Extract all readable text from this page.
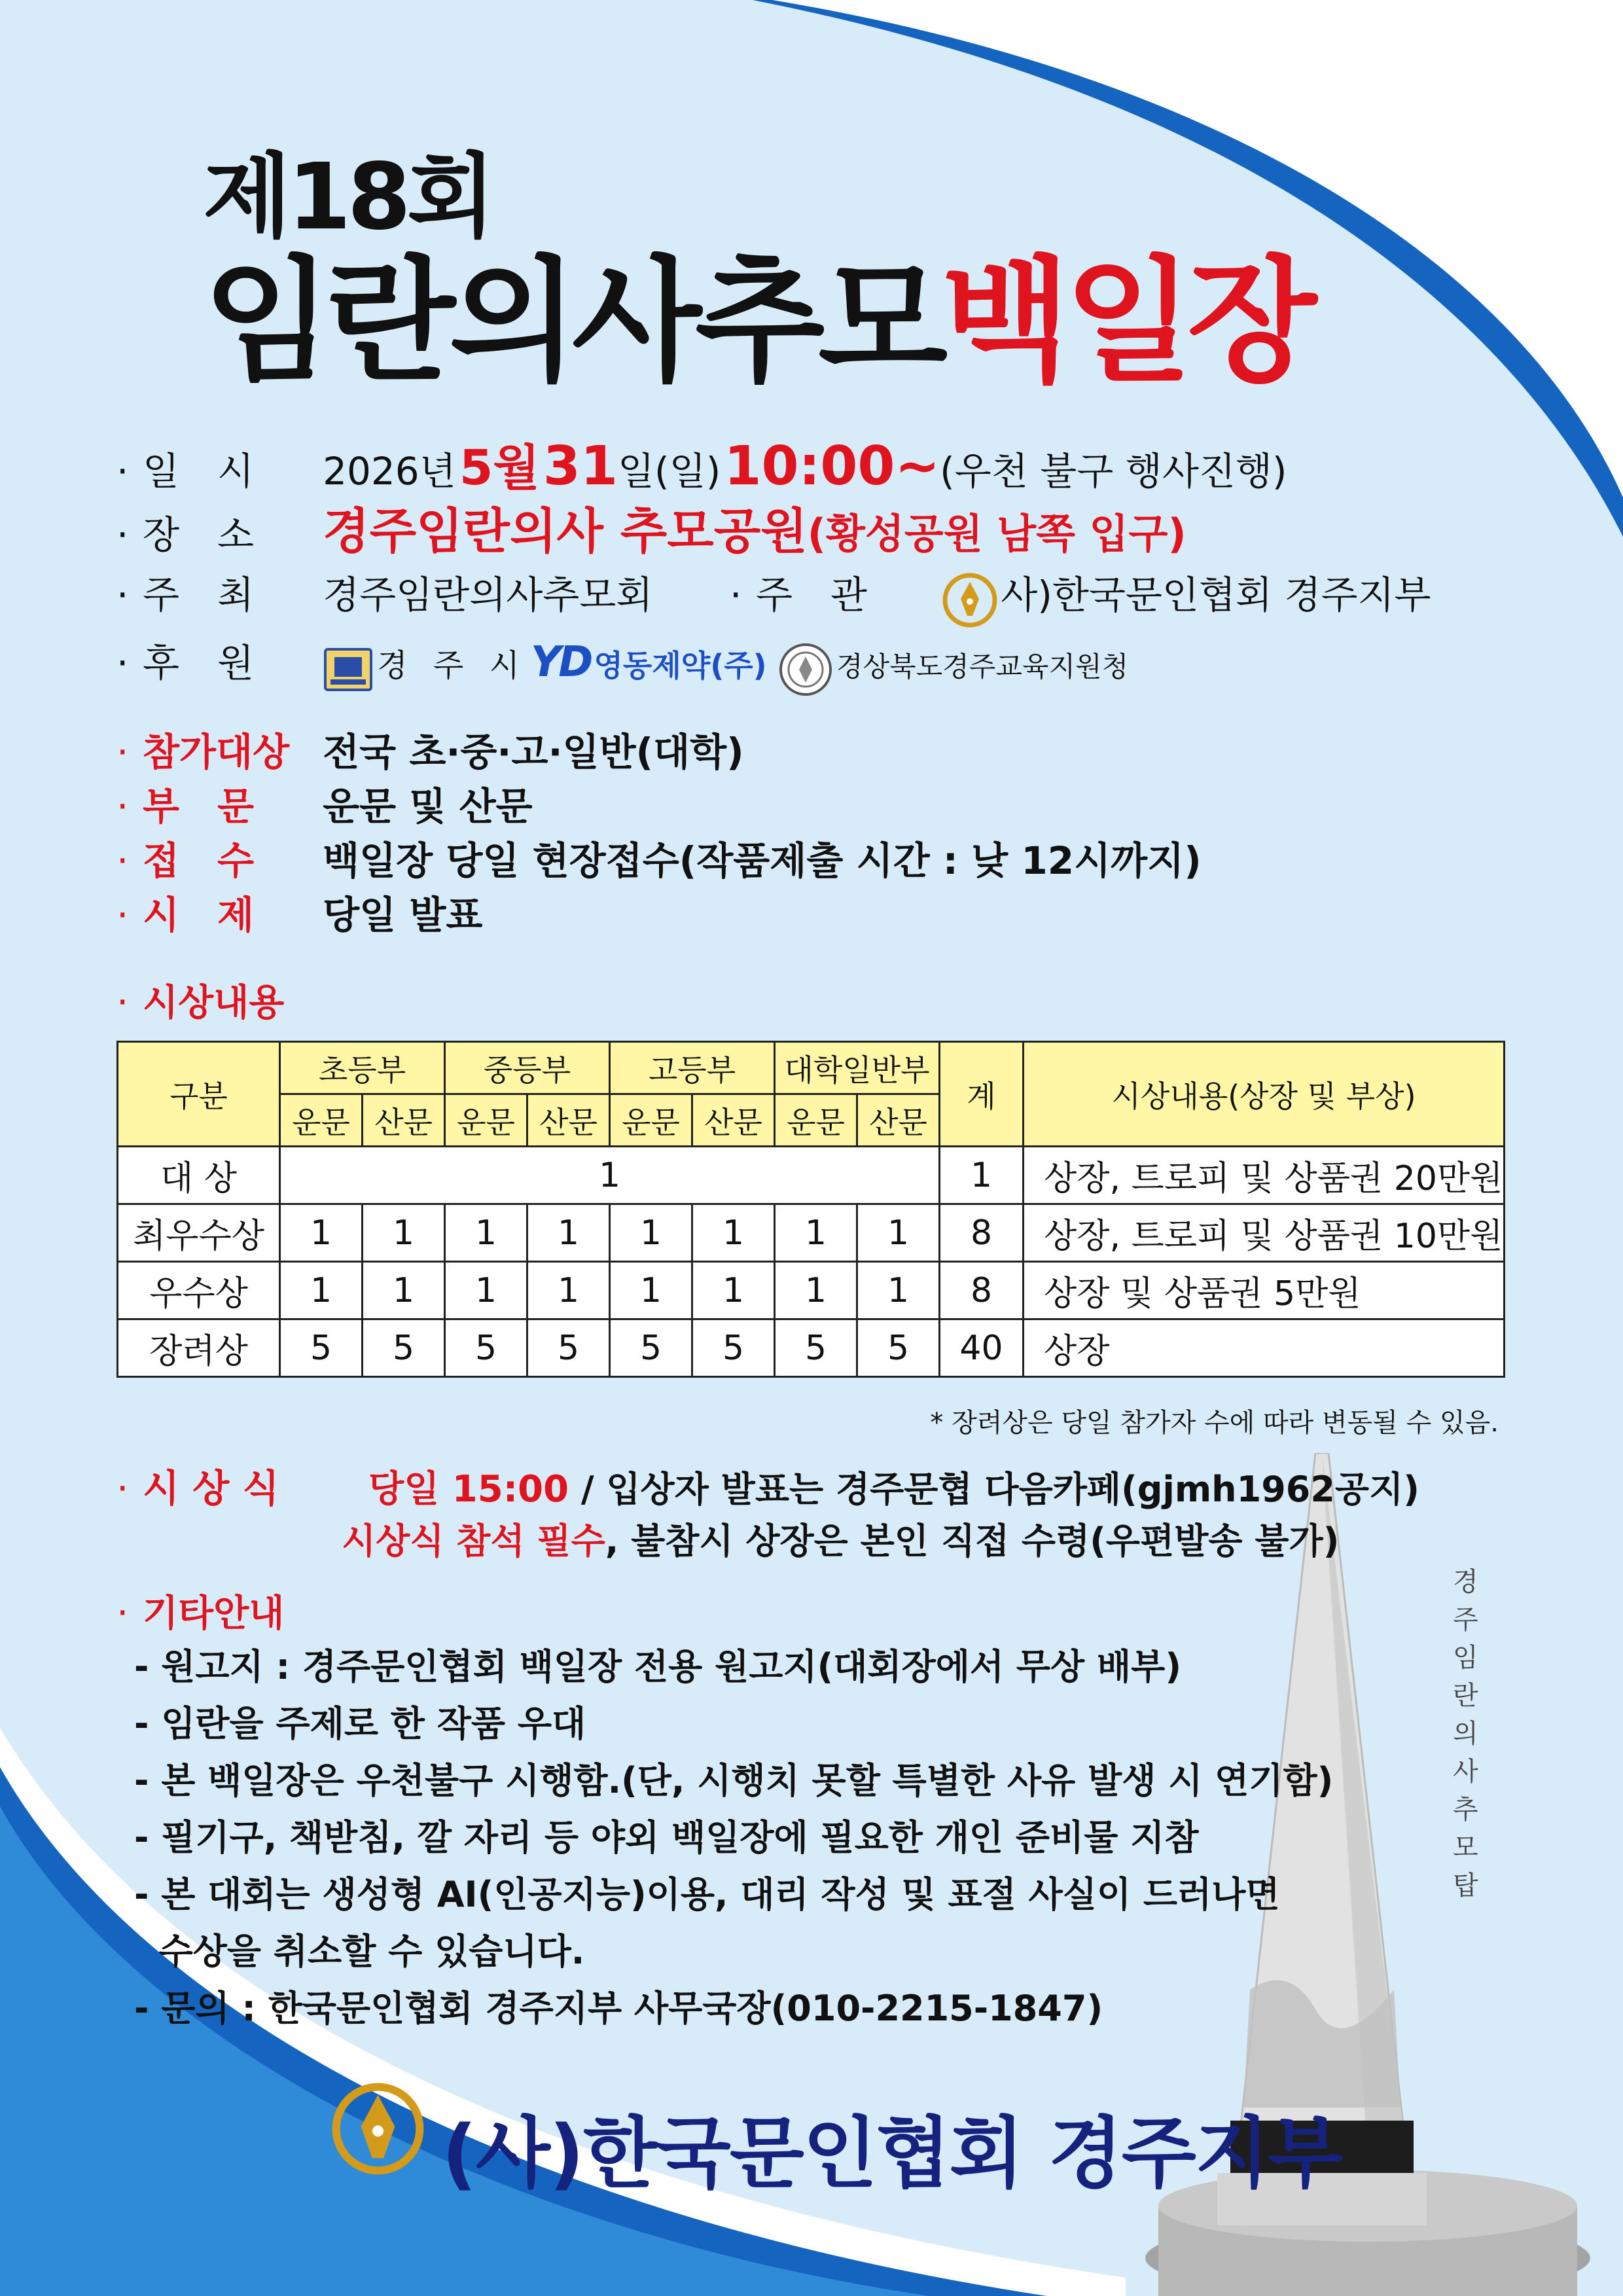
경
주
임
란
의
사
추
모
탑
제18회
임란의사추모백일장
· 일　시 2026년 5월 31일(일) 10:00~(우천 불구 행사진행)
· 장　소 경주임란의사 추모공원(황성공원 남쪽 입구)
· 주　최 경주임란의사추모회 · 주　관	사)한국문인협회 경주지부
· 후　원	경 주 시 YD 영동제약(주)	경상북도경주교육지원청
· 참가대상 전국 초·중·고·일반(대학)
· 부　문 운문 및 산문
· 접　수 백일장 당일 현장접수(작품제출 시간 : 낮 12시까지)
· 시　제 당일 발표
· 시상내용
구분	초등부		중등부		고등부		대학일반부		계	시상내용(상장 및 부상)
	운문	산문	운문	산문	운문	산문	운문	산문		
대 상	1								1	상장, 트로피 및 상품권 20만원
최우수상	1	1	1	1	1	1	1	1	8	상장, 트로피 및 상품권 10만원
우수상	1	1	1	1	1	1	1	1	8	상장 및 상품권 5만원
장려상	5	5	5	5	5	5	5	5	40	상장
* 장려상은 당일 참가자 수에 따라 변동될 수 있음.
· 시 상 식 당일 15:00 / 입상자 발표는 경주문협 다음카페(gjmh1962공지)
시상식 참석 필수, 불참시 상장은 본인 직접 수령(우편발송 불가)
· 기타안내
- 원고지 : 경주문인협회 백일장 전용 원고지(대회장에서 무상 배부)
- 임란을 주제로 한 작품 우대
- 본 백일장은 우천불구 시행함.(단, 시행치 못할 특별한 사유 발생 시 연기함)
- 필기구, 책받침, 깔 자리 등 야외 백일장에 필요한 개인 준비물 지참
- 본 대회는 생성형 AI(인공지능)이용, 대리 작성 및 표절 사실이 드러나면
수상을 취소할 수 있습니다.
- 문의 : 한국문인협회 경주지부 사무국장(010-2215-1847)
(사)한국문인협회 경주지부
